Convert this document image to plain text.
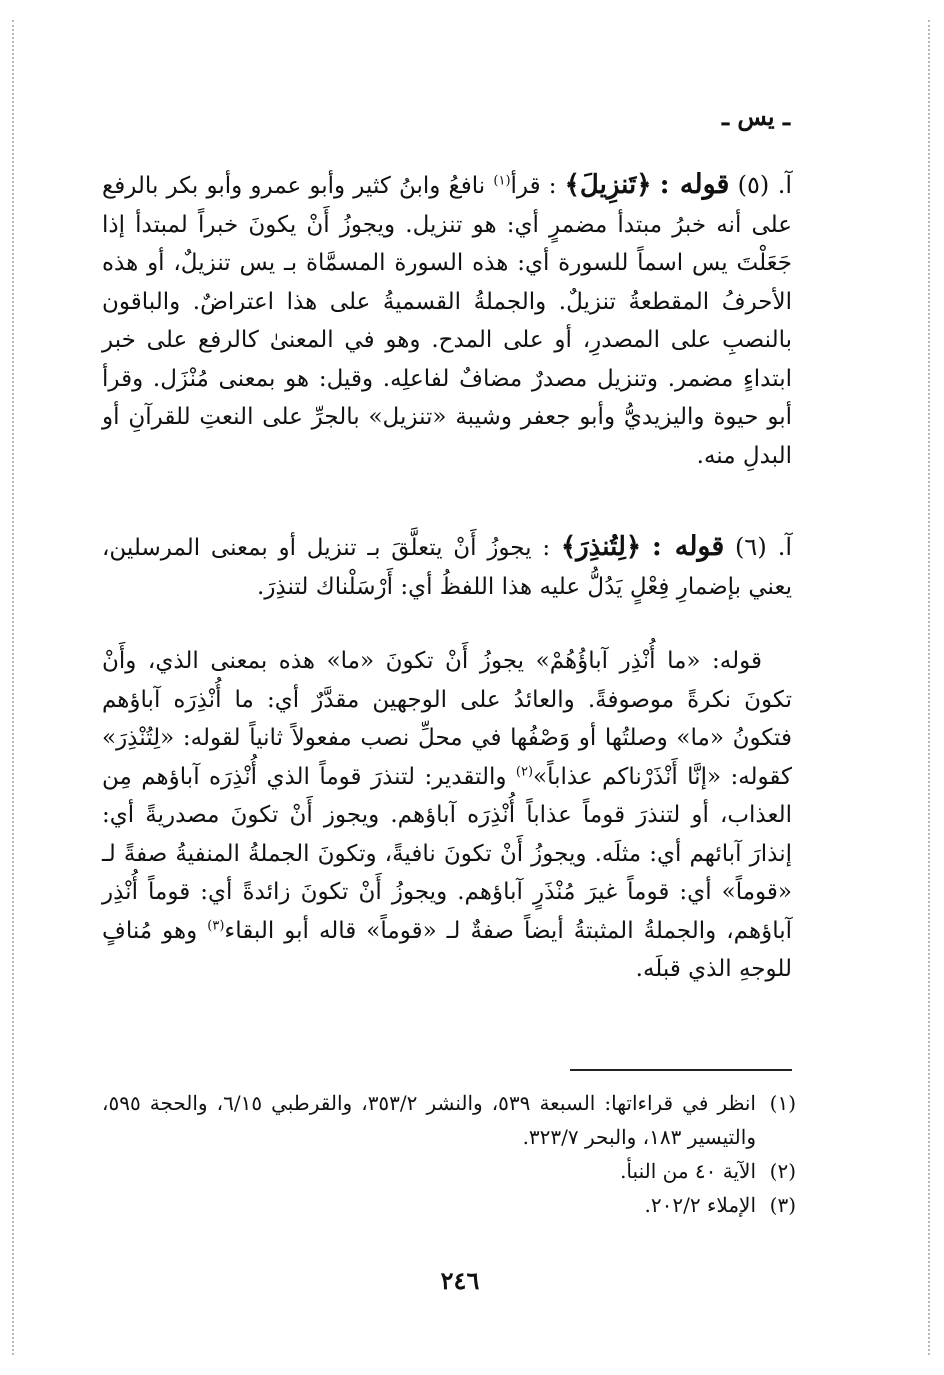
ـ يس ـ
آ. (٥) قوله : ﴿تَنزِيلَ﴾ : قرأ$^{(١)}$ نافعُ وابنُ كثير وأبو عمرو وأبو بكر بالرفع على أنه خبرُ مبتدأ مضمرٍ أي: هو تنزيل. ويجوزُ أَنْ يكونَ خبراً لمبتدأ إذا جَعَلْتَ يس اسماً للسورة أي: هذه السورة المسمَّاة بـ يس تنزيلٌ، أو هذه الأحرفُ المقطعةُ تنزيلٌ. والجملةُ القسميةُ على هذا اعتراضٌ. والباقون بالنصبِ على المصدرِ، أو على المدح. وهو في المعنىٰ كالرفع على خبر ابتداءٍ مضمر. وتنزيل مصدرٌ مضافٌ لفاعلِه. وقيل: هو بمعنى مُنْزَل. وقرأ أبو حيوة واليزيديُّ وأبو جعفر وشيبة «تنزيل» بالجرِّ على النعتِ للقرآنِ أو البدلِ منه.
آ. (٦) قوله : ﴿لِتُنذِرَ﴾ : يجوزُ أَنْ يتعلَّقَ بـ تنزيل أو بمعنى المرسلين، يعني بإضمارِ فِعْلٍ يَدُلُّ عليه هذا اللفظُ أي: أَرْسَلْناك لتنذِرَ.
قوله: «ما أُنْذِر آباؤُهُمْ» يجوزُ أَنْ تكونَ «ما» هذه بمعنى الذي، وأَنْ تكونَ نكرةً موصوفةً. والعائدُ على الوجهين مقدَّرٌ أي: ما أُنْذِرَه آباؤهم فتكونُ «ما» وصلتُها أو وَصْفُها في محلِّ نصب مفعولاً ثانياً لقوله: «لِتُنْذِرَ» كقوله: «إنَّا أَنْذَرْناكم عذاباً»$^{(٢)}$ والتقدير: لتنذرَ قوماً الذي أُنْذِرَه آباؤهم مِن العذاب، أو لتنذرَ قوماً عذاباً أُنْذِرَه آباؤهم. ويجوز أَنْ تكونَ مصدريةً أي: إنذارَ آبائهم أي: مثلَه. ويجوزُ أَنْ تكونَ نافيةً، وتكونَ الجملةُ المنفيةُ صفةً لـ «قوماً» أي: قوماً غيرَ مُنْذَرٍ آباؤهم. ويجوزُ أَنْ تكونَ زائدةً أي: قوماً أُنْذِر آباؤهم، والجملةُ المثبتةُ أيضاً صفةٌ لـ «قوماً» قاله أبو البقاء$^{(٣)}$ وهو مُنافٍ للوجهِ الذي قبلَه.
(١)
انظر في قراءاتها: السبعة ٥٣٩، والنشر ٣٥٣/٢، والقرطبي ٦/١٥، والحجة ٥٩٥، والتيسير ١٨٣، والبحر ٣٢٣/٧.
(٢)
الآية ٤٠ من النبأ.
(٣)
الإملاء ٢٠٢/٢.
٢٤٦
